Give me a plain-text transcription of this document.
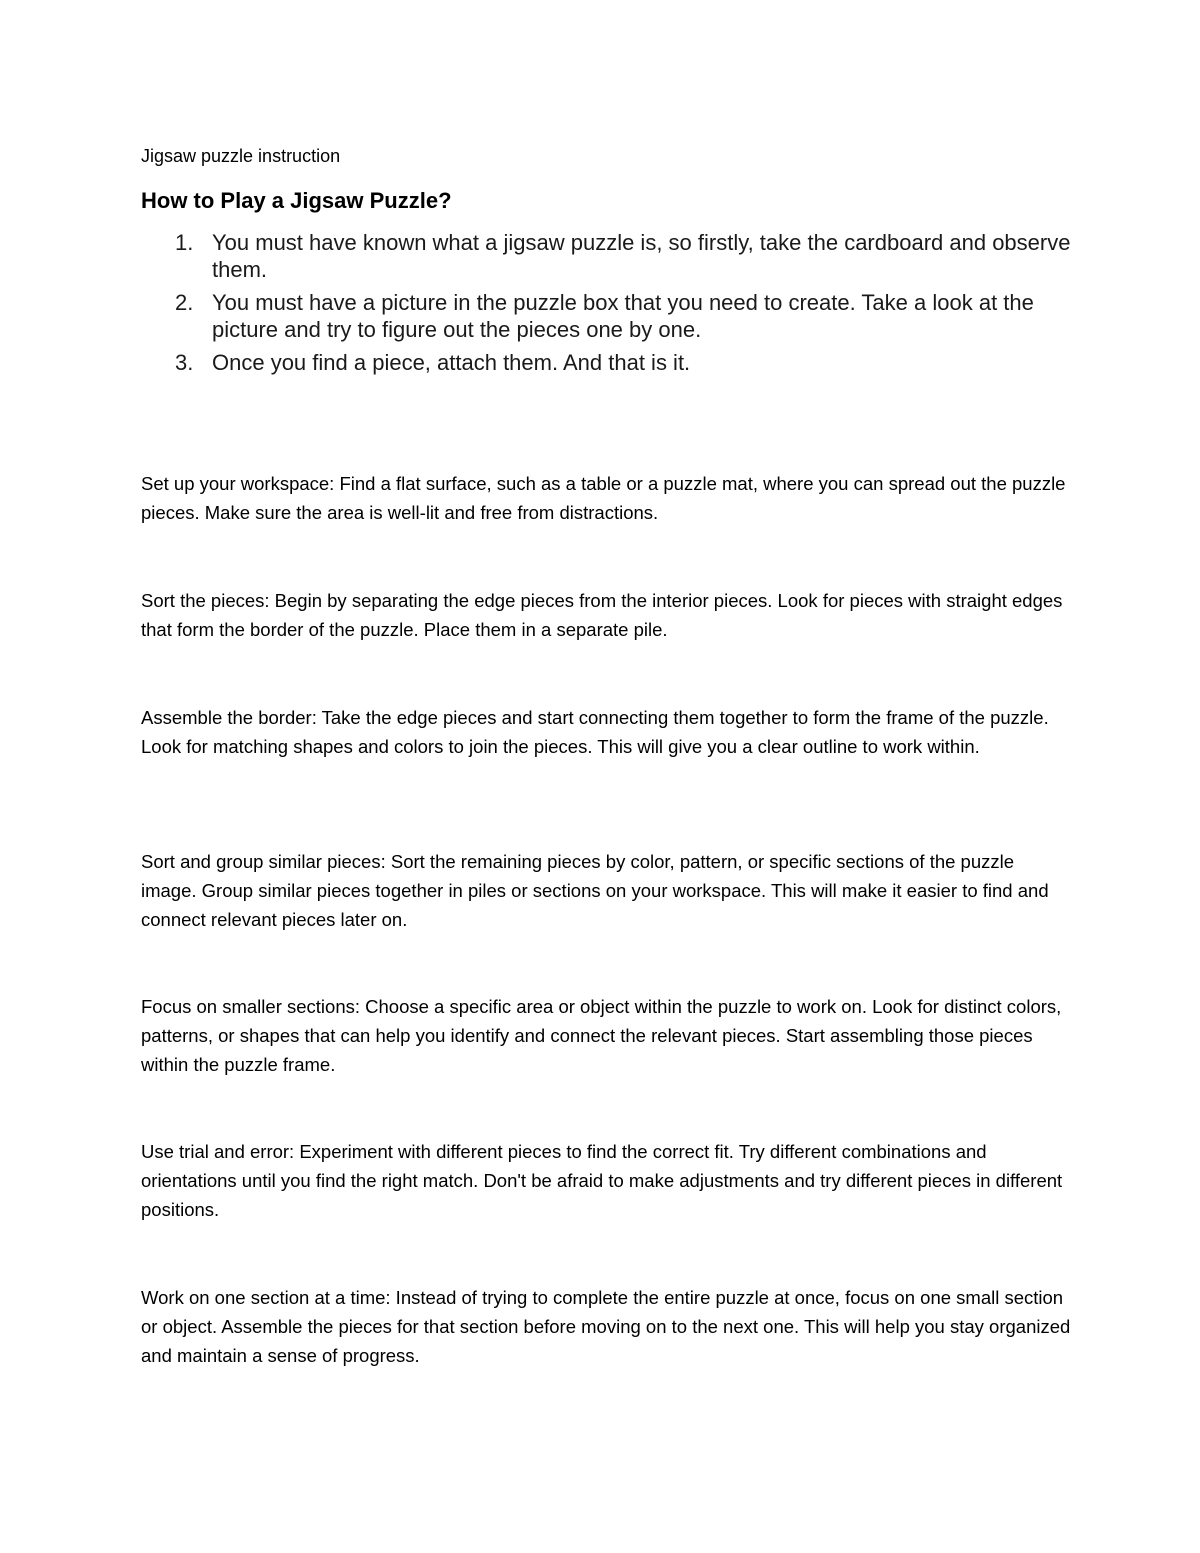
Jigsaw puzzle instruction

How to Play a Jigsaw Puzzle?
1. You must have known what a jigsaw puzzle is, so firstly, take the cardboard and observe them.
2. You must have a picture in the puzzle box that you need to create. Take a look at the picture and try to figure out the pieces one by one.
3. Once you find a piece, attach them. And that is it.

Set up your workspace: Find a flat surface, such as a table or a puzzle mat, where you can spread out the puzzle pieces. Make sure the area is well-lit and free from distractions.

Sort the pieces: Begin by separating the edge pieces from the interior pieces. Look for pieces with straight edges that form the border of the puzzle. Place them in a separate pile.

Assemble the border: Take the edge pieces and start connecting them together to form the frame of the puzzle. Look for matching shapes and colors to join the pieces. This will give you a clear outline to work within.

Sort and group similar pieces: Sort the remaining pieces by color, pattern, or specific sections of the puzzle image. Group similar pieces together in piles or sections on your workspace. This will make it easier to find and connect relevant pieces later on.

Focus on smaller sections: Choose a specific area or object within the puzzle to work on. Look for distinct colors, patterns, or shapes that can help you identify and connect the relevant pieces. Start assembling those pieces within the puzzle frame.

Use trial and error: Experiment with different pieces to find the correct fit. Try different combinations and orientations until you find the right match. Don't be afraid to make adjustments and try different pieces in different positions.

Work on one section at a time: Instead of trying to complete the entire puzzle at once, focus on one small section or object. Assemble the pieces for that section before moving on to the next one. This will help you stay organized and maintain a sense of progress.
